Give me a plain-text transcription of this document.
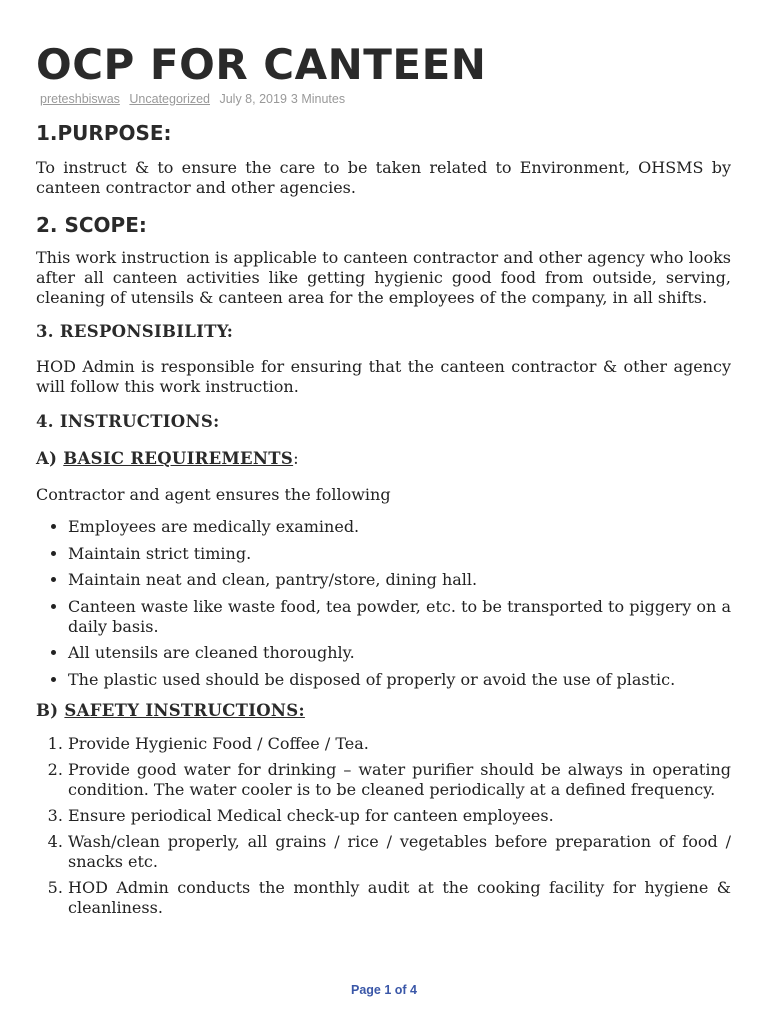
OCP FOR CANTEEN
preteshbiswas Uncategorized July 8, 2019 3 Minutes
1.PURPOSE:

To instruct & to ensure the care to be taken related to Environment, OHSMS by canteen contractor and other agencies.

2. SCOPE:

This work instruction is applicable to canteen contractor and other agency who looks after all canteen activities like getting hygienic good food from outside, serving, cleaning of utensils & canteen area for the employees of the company, in all shifts.

3. RESPONSIBILITY:

HOD Admin is responsible for ensuring that the canteen contractor & other agency will follow this work instruction.

4. INSTRUCTIONS:
A) BASIC REQUIREMENTS:

Contractor and agent ensures the following

• Employees are medically examined.
• Maintain strict timing.
• Maintain neat and clean, pantry/store, dining hall.
• Canteen waste like waste food, tea powder, etc. to be transported to piggery on a daily basis.
• All utensils are cleaned thoroughly.
• The plastic used should be disposed of properly or avoid the use of plastic.
B) SAFETY INSTRUCTIONS:
1. Provide Hygienic Food / Coffee / Tea.
2. Provide good water for drinking – water purifier should be always in operating condition. The water cooler is to be cleaned periodically at a defined frequency.
3. Ensure periodical Medical check-up for canteen employees.
4. Wash/clean properly, all grains / rice / vegetables before preparation of food / snacks etc.
5. HOD Admin conducts the monthly audit at the cooking facility for hygiene & cleanliness.
Page 1 of 4
